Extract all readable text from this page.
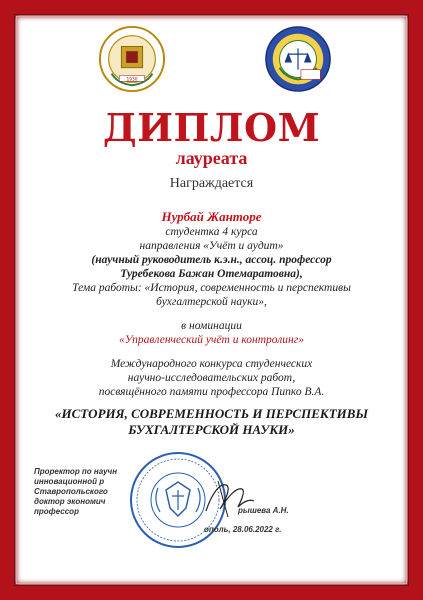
1930
ДИПЛОМ
лауреата
Награждается
Нурбай Жанторе
студентка 4 курса
направления «Учёт и аудит»
(научный руководитель к.э.н., ассоц. профессор
Туребекова Бажан Отемаратовна),
Тема работы: «История, современность и перспективы
бухгалтерской науки»,
в номинации
«Управленческий учёт и контролинг»
Международного конкурса студенческих
научно-исследовательских работ,
посвящённого памяти профессора Пипко В.А.
«ИСТОРИЯ, СОВРЕМЕННОСТЬ И ПЕРСПЕКТИВЫ
БУХГАЛТЕРСКОЙ НАУКИ»
Проректор по научн
инновационной р
Ставропольского
доктор экономич
профессор	рышева А.Н.
ополь, 28.06.2022 г.
